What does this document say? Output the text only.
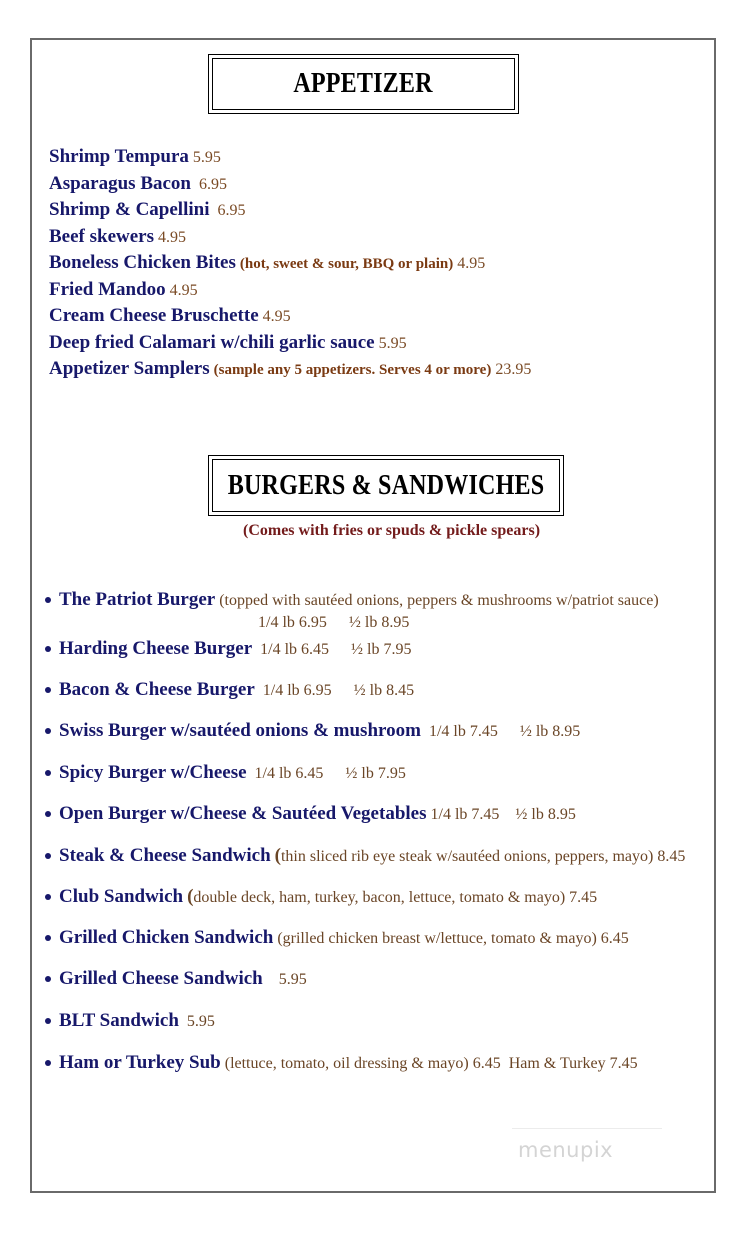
APPETIZER
Shrimp Tempura 5.95
Asparagus Bacon 6.95
Shrimp & Capellini 6.95
Beef skewers 4.95
Boneless Chicken Bites (hot, sweet & sour, BBQ or plain) 4.95
Fried Mandoo 4.95
Cream Cheese Bruschette 4.95
Deep fried Calamari w/chili garlic sauce 5.95
Appetizer Samplers (sample any 5 appetizers. Serves 4 or more) 23.95
BURGERS & SANDWICHES
(Comes with fries or spuds & pickle spears)
The Patriot Burger (topped with sautéed onions, peppers & mushrooms w/patriot sauce)
1/4 lb 6.95 ½ lb 8.95
Harding Cheese Burger 1/4 lb 6.45 ½ lb 7.95
Bacon & Cheese Burger 1/4 lb 6.95 ½ lb 8.45
Swiss Burger w/sautéed onions & mushroom 1/4 lb 7.45 ½ lb 8.95
Spicy Burger w/Cheese 1/4 lb 6.45 ½ lb 7.95
Open Burger w/Cheese & Sautéed Vegetables 1/4 lb 7.45 ½ lb 8.95
Steak & Cheese Sandwich (thin sliced rib eye steak w/sautéed onions, peppers, mayo) 8.45
Club Sandwich (double deck, ham, turkey, bacon, lettuce, tomato & mayo) 7.45
Grilled Chicken Sandwich (grilled chicken breast w/lettuce, tomato & mayo) 6.45
Grilled Cheese Sandwich 5.95
BLT Sandwich 5.95
Ham or Turkey Sub (lettuce, tomato, oil dressing & mayo) 6.45 Ham & Turkey 7.45
menupix
